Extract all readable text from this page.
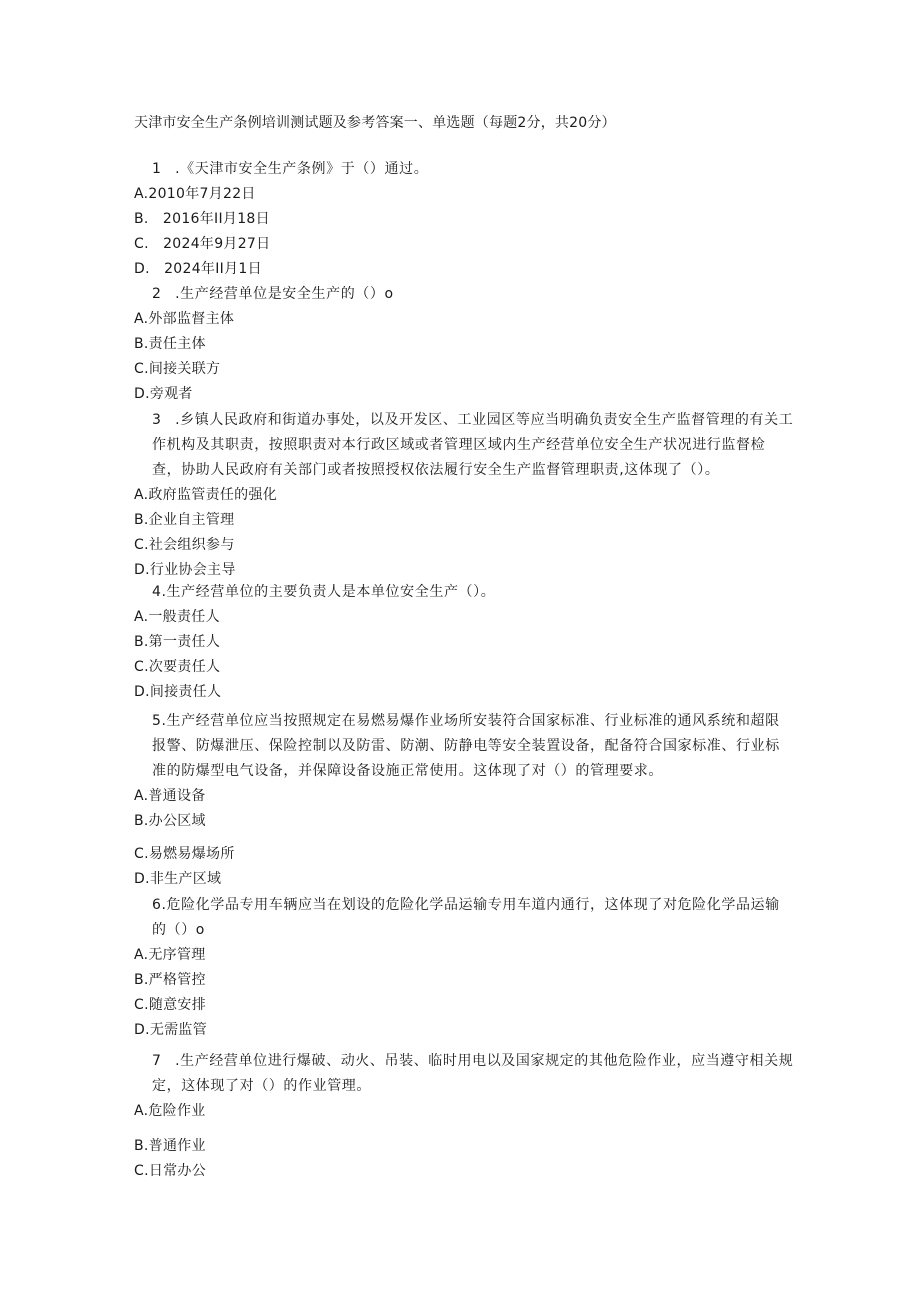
天津市安全生产条例培训测试题及参考答案一、单选题（每题2分，共20分）
1 .《天津市安全生产条例》于（）通过。
A.2010年7月22日
B.   2016年II月18日
C.   2024年9月27日
D.   2024年II月1日
2 .生产经营单位是安全生产的（）o
A.外部监督主体
B.责任主体
C.间接关联方
D.旁观者
3 .乡镇人民政府和街道办事处，以及开发区、工业园区等应当明确负责安全生产监督管理的有关工作机构及其职责，按照职责对本行政区域或者管理区域内生产经营单位安全生产状况进行监督检查，协助人民政府有关部门或者按照授权依法履行安全生产监督管理职责,这体现了（）。
A.政府监管责任的强化
B.企业自主管理
C.社会组织参与
D.行业协会主导
4.生产经营单位的主要负责人是本单位安全生产（）。
A.一般责任人
B.第一责任人
C.次要责任人
D.间接责任人
5.生产经营单位应当按照规定在易燃易爆作业场所安装符合国家标准、行业标准的通风系统和超限报警、防爆泄压、保险控制以及防雷、防潮、防静电等安全装置设备，配备符合国家标准、行业标准的防爆型电气设备，并保障设备设施正常使用。这体现了对（）的管理要求。
A.普通设备
B.办公区域
C.易燃易爆场所
D.非生产区域
6.危险化学品专用车辆应当在划设的危险化学品运输专用车道内通行，这体现了对危险化学品运输的（）o
A.无序管理
B.严格管控
C.随意安排
D.无需监管
7 .生产经营单位进行爆破、动火、吊装、临时用电以及国家规定的其他危险作业，应当遵守相关规定，这体现了对（）的作业管理。
A.危险作业
B.普通作业
C.日常办公
